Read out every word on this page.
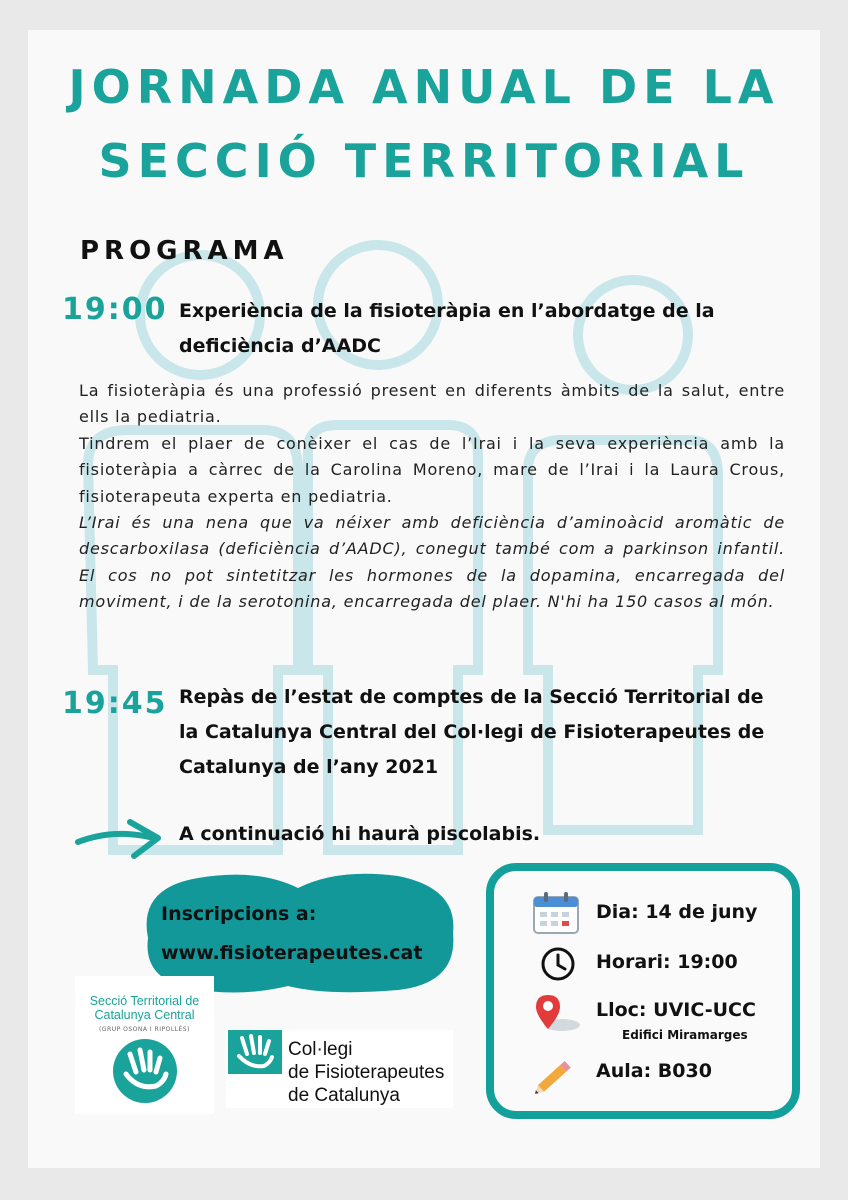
JORNADA ANUAL DE LA
SECCIÓ TERRITORIAL
PROGRAMA
19:00 Experiència de la fisioteràpia en l’abordatge de la
deficiència d’AADC

La fisioteràpia és una professió present en diferents àmbits de la salut, entre ells la pediatria.

Tindrem el plaer de conèixer el cas de l’Irai i la seva experiència amb la fisioteràpia a càrrec de la Carolina Moreno, mare de l’Irai i la Laura Crous, fisioterapeuta experta en pediatria.

L’Irai és una nena que va néixer amb deficiència d’aminoàcid aromàtic de descarboxilasa (deficiència d’AADC), conegut també com a parkinson infantil. El cos no pot sintetitzar les hormones de la dopamina, encarregada del moviment, i de la serotonina, encarregada del plaer. N'hi ha 150 casos al món.

19:45 Repàs de l’estat de comptes de la Secció Territorial de
la Catalunya Central del Col·legi de Fisioterapeutes de
Catalunya de l’any 2021
A continuació hi haurà piscolabis.
Inscripcions a:
www.fisioterapeutes.cat
Dia: 14 de juny
Horari: 19:00
Lloc: UVIC-UCC
Edifici Miramarges
Aula: B030
Secció Territorial de
Catalunya Central
(GRUP OSONA I RIPOLLÈS)
Col·legi
de Fisioterapeutes
de Catalunya
